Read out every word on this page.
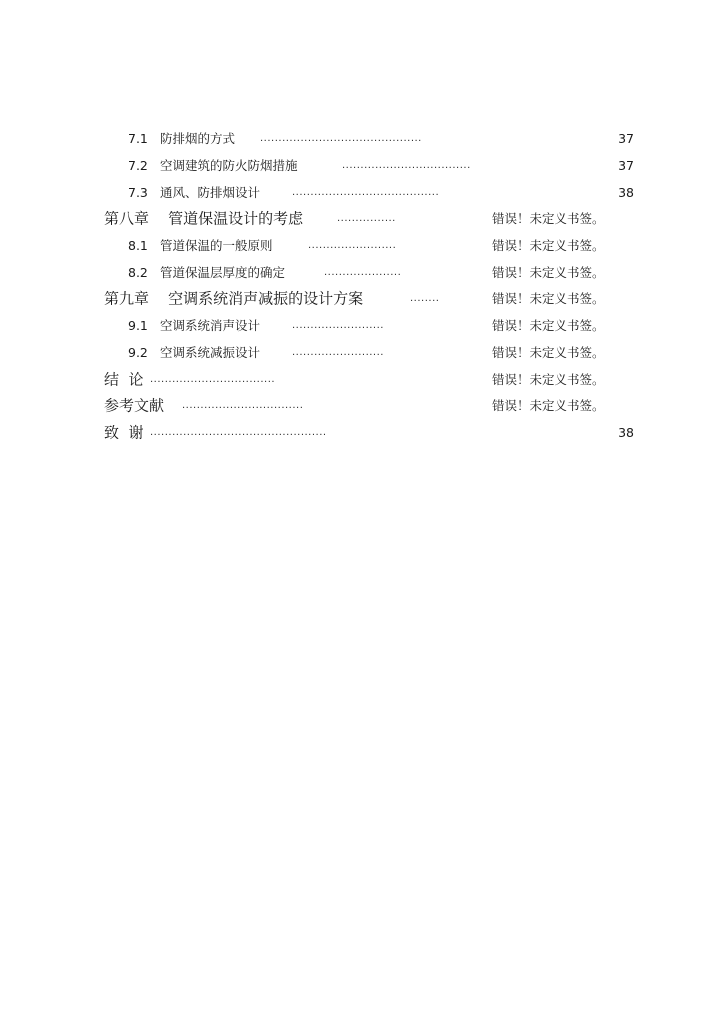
7.1 防排烟的方式 ............................................	37
7.2 空调建筑的防火防烟措施	...................................	37
7.3 通风、防排烟设计	........................................	38
第八章    管道保温设计的考虑	................	错误！未定义书签。
8.1 管道保温的一般原则	........................	错误！未定义书签。
8.2 管道保温层厚度的确定	.....................	错误！未定义书签。
第九章    空调系统消声减振的设计方案	........	错误！未定义书签。
9.1 空调系统消声设计	.........................	错误！未定义书签。
9.2 空调系统减振设计	.........................	错误！未定义书签。
结  论 ..................................	错误！未定义书签。
参考文献 .................................	错误！未定义书签。
致  谢 ................................................	38
